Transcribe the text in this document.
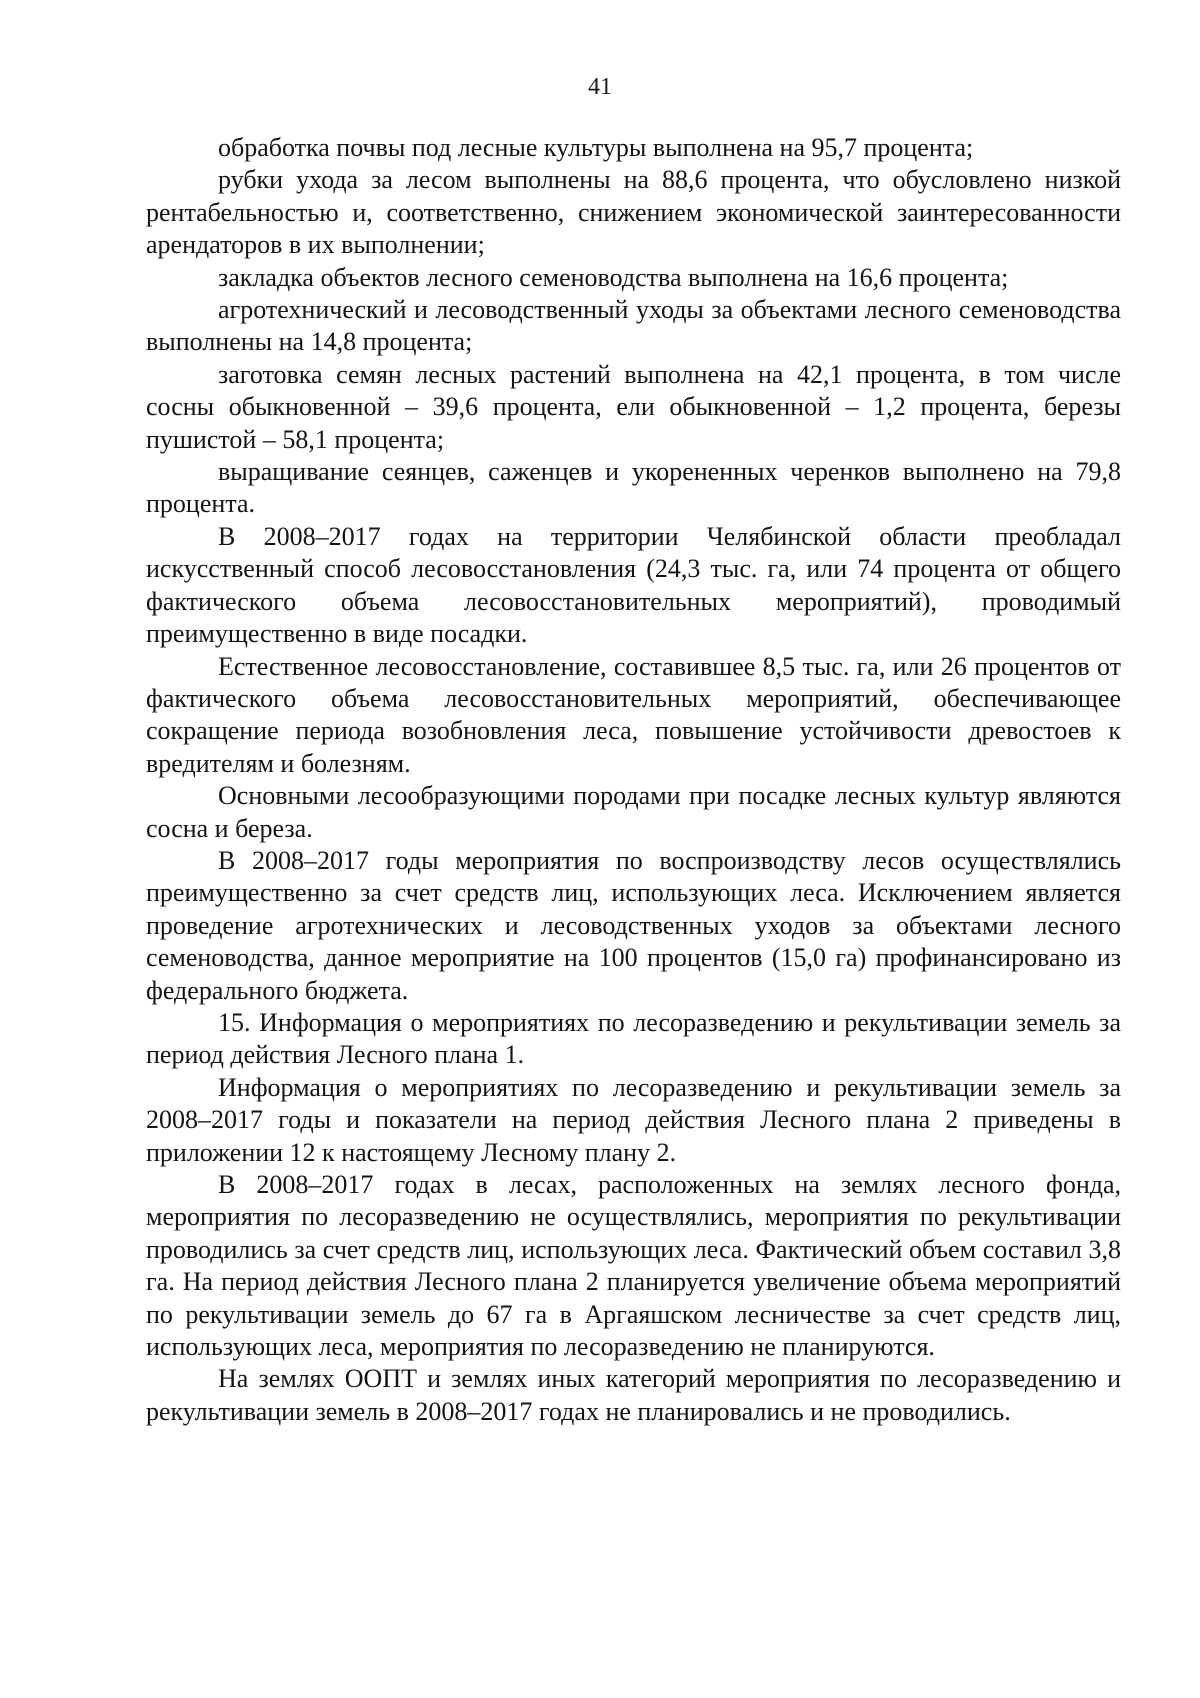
41

обработка почвы под лесные культуры выполнена на 95,7 процента;

рубки ухода за лесом выполнены на 88,6 процента, что обусловлено низкой рентабельностью и, соответственно, снижением экономической заинтересованности арендаторов в их выполнении;

закладка объектов лесного семеноводства выполнена на 16,6 процента;

агротехнический и лесоводственный уходы за объектами лесного семеноводства выполнены на 14,8 процента;

заготовка семян лесных растений выполнена на 42,1 процента, в том числе сосны обыкновенной – 39,6 процента, ели обыкновенной – 1,2 процента, березы пушистой – 58,1 процента;

выращивание сеянцев, саженцев и укорененных черенков выполнено на 79,8 процента.

В 2008–2017 годах на территории Челябинской области преобладал искусственный способ лесовосстановления (24,3 тыс. га, или 74 процента от общего фактического объема лесовосстановительных мероприятий), проводимый преимущественно в виде посадки.

Естественное лесовосстановление, составившее 8,5 тыс. га, или 26 процентов от фактического объема лесовосстановительных мероприятий, обеспечивающее сокращение периода возобновления леса, повышение устойчивости древостоев к вредителям и болезням.

Основными лесообразующими породами при посадке лесных культур являются сосна и береза.

В 2008–2017 годы мероприятия по воспроизводству лесов осуществлялись преимущественно за счет средств лиц, использующих леса. Исключением является проведение агротехнических и лесоводственных уходов за объектами лесного семеноводства, данное мероприятие на 100 процентов (15,0 га) профинансировано из федерального бюджета.

15. Информация о мероприятиях по лесоразведению и рекультивации земель за период действия Лесного плана 1.

Информация о мероприятиях по лесоразведению и рекультивации земель за 2008–2017 годы и показатели на период действия Лесного плана 2 приведены в приложении 12 к настоящему Лесному плану 2.

В 2008–2017 годах в лесах, расположенных на землях лесного фонда, мероприятия по лесоразведению не осуществлялись, мероприятия по рекультивации проводились за счет средств лиц, использующих леса. Фактический объем составил 3,8 га. На период действия Лесного плана 2 планируется увеличение объема мероприятий по рекультивации земель до 67 га в Аргаяшском лесничестве за счет средств лиц, использующих леса, мероприятия по лесоразведению не планируются.

На землях ООПТ и землях иных категорий мероприятия по лесоразведению и рекультивации земель в 2008–2017 годах не планировались и не проводились.
